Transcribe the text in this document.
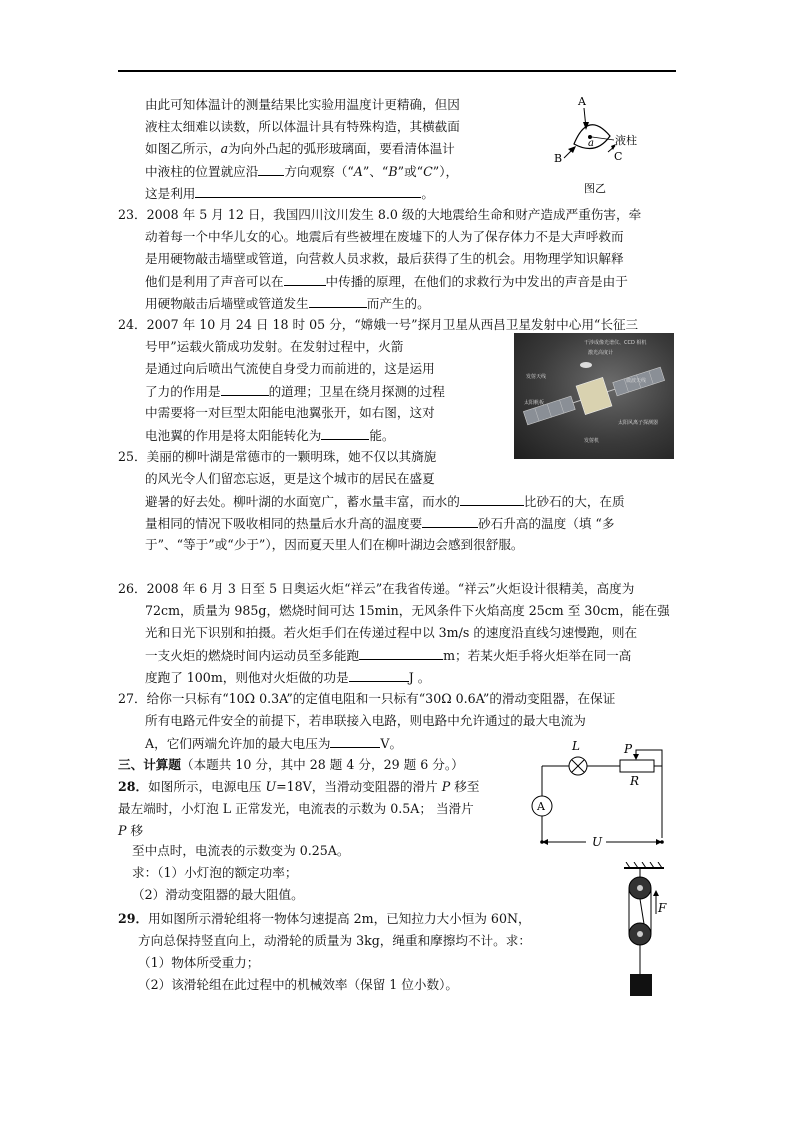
由此可知体温计的测量结果比实验用温度计更精确，但因
液柱太细难以读数，所以体温计具有特殊构造，其横截面
如图乙所示，a为向外凸起的弧形玻璃面，要看清体温计
中液柱的位置就应沿 方向观察（“A”、“B”或“C”），
这是利用	。
A
a 液柱
B	C
图乙
23．2008 年 5 月 12 日，我国四川汶川发生 8.0 级的大地震给生命和财产造成严重伤害，牵
动着每一个中华儿女的心。地震后有些被埋在废墟下的人为了保存体力不是大声呼救而
是用硬物敲击墙壁或管道，向营救人员求救，最后获得了生的机会。用物理学知识解释
他们是利用了声音可以在	中传播的原理，在他们的求救行为中发出的声音是由于
用硬物敲击后墙壁或管道发生	而产生的。
24．2007 年 10 月 24 日 18 时 05 分，“嫦娥一号”探月卫星从西昌卫星发射中心用“长征三
号甲”运载火箭成功发射。在发射过程中，火箭
是通过向后喷出气流使自身受力而前进的，这是运用
了力的作用是	的道理；卫星在绕月探测的过程
中需要将一对巨型太阳能电池翼张开，如右图，这对
电池翼的作用是将太阳能转化为	能。
干涉成像光谱仪、CCD 相机
激光高度计
发射天线
微波天线
太阳帆板
太阳风离子探测器
发射机
25．美丽的柳叶湖是常德市的一颗明珠，她不仅以其旖旎
的风光令人们留恋忘返，更是这个城市的居民在盛夏
避暑的好去处。柳叶湖的水面宽广，蓄水量丰富，而水的	比砂石的大，在质
量相同的情况下吸收相同的热量后水升高的温度要	砂石升高的温度（填 “多
于”、“等于”或“少于”），因而夏天里人们在柳叶湖边会感到很舒服。
26．2008 年 6 月 3 日至 5 日奥运火炬“祥云”在我省传递。“祥云”火炬设计很精美，高度为
72cm，质量为 985g，燃烧时间可达 15min，无风条件下火焰高度 25cm 至 30cm，能在强
光和日光下识别和拍摄。若火炬手们在传递过程中以 3m/s 的速度沿直线匀速慢跑，则在
一支火炬的燃烧时间内运动员至多能跑	m；若某火炬手将火炬举在同一高
度跑了 100m，则他对火炬做的功是	J 。
27．给你一只标有“10Ω 0.3A”的定值电阻和一只标有“30Ω 0.6A”的滑动变阻器，在保证
所有电路元件安全的前提下，若串联接入电路，则电路中允许通过的最大电流为
A，它们两端允许加的最大电压为	V。
三、计算题（本题共 10 分，其中 28 题 4 分，29 题 6 分。）
28．如图所示，电源电压 U=18V，当滑动变阻器的滑片 P 移至
最左端时，小灯泡 L 正常发光，电流表的示数为 0.5A； 当滑片
P 移
至中点时，电流表的示数变为 0.25A。
求：（1）小灯泡的额定功率；
（2）滑动变阻器的最大阻值。
L
R
P
A
U
29．用如图所示滑轮组将一物体匀速提高 2m，已知拉力大小恒为 60N，
方向总保持竖直向上，动滑轮的质量为 3kg，绳重和摩擦均不计。求：
（1）物体所受重力；
（2）该滑轮组在此过程中的机械效率（保留 1 位小数）。
F
